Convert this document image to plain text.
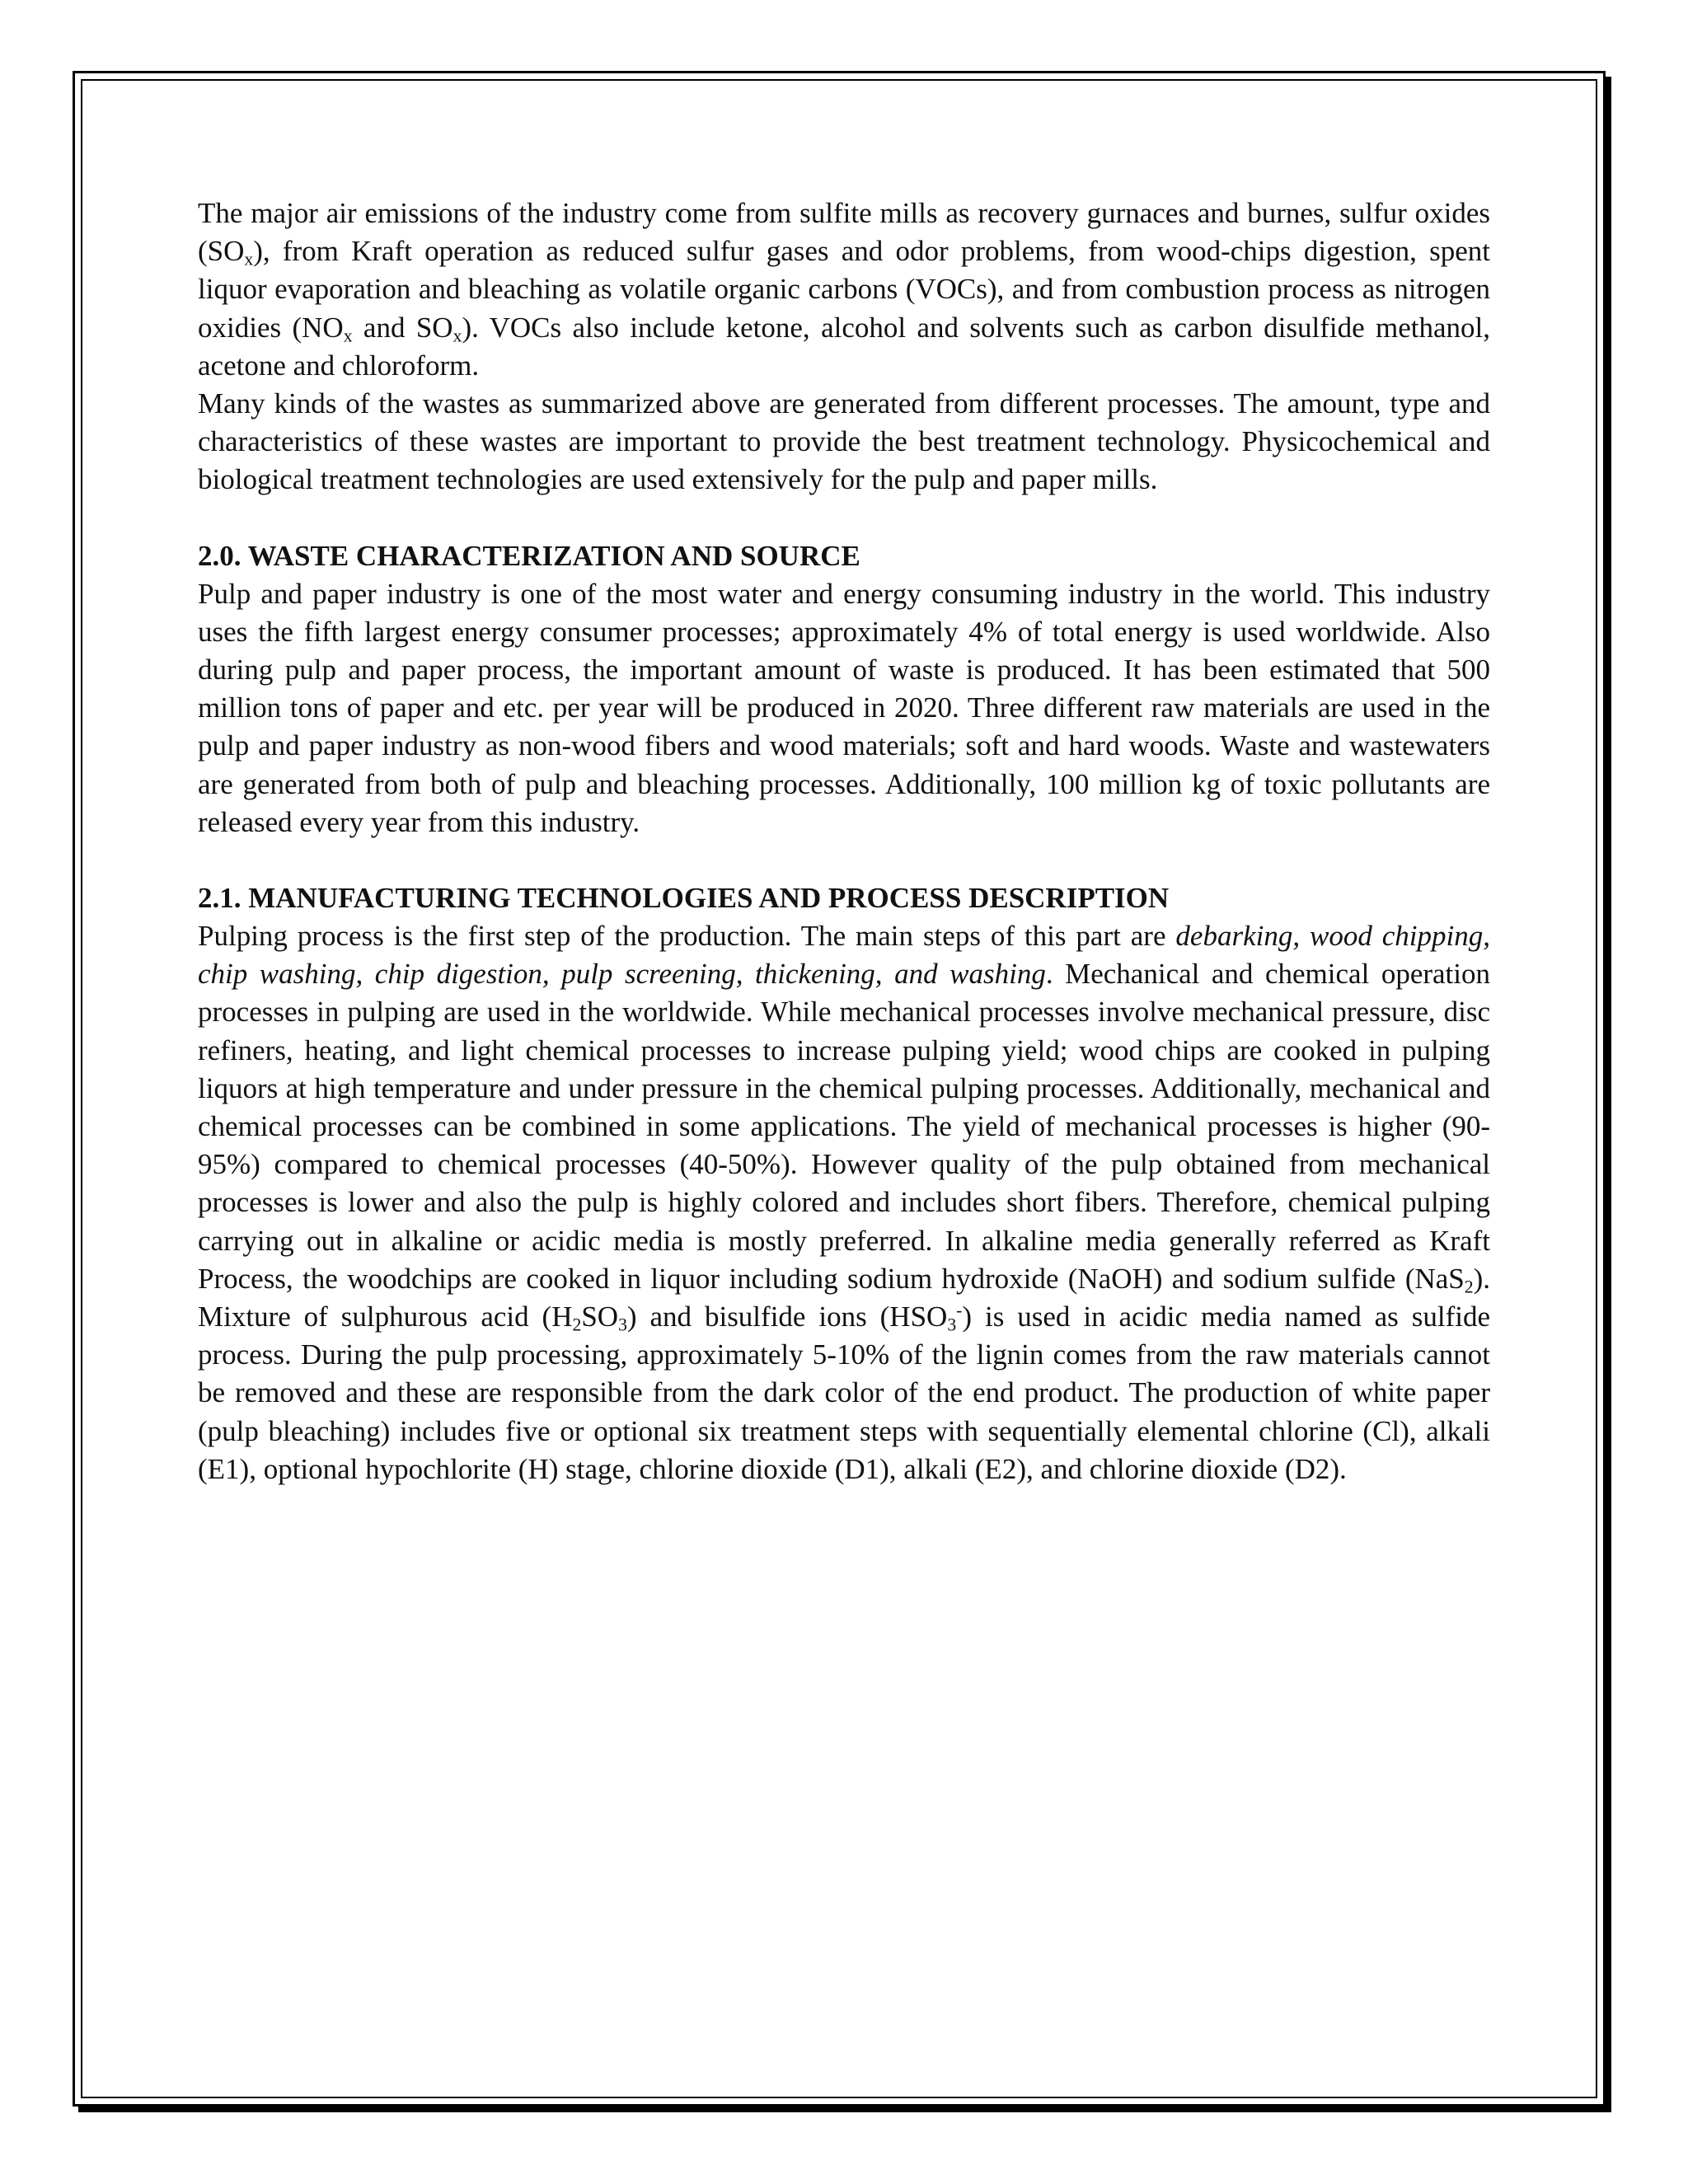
The major air emissions of the industry come from sulfite mills as recovery gurnaces and burnes, sulfur oxides $(SO_x)$, from Kraft operation as reduced sulfur gases and odor problems, from wood-chips digestion, spent liquor evaporation and bleaching as volatile organic carbons (VOCs), and from combustion process as nitrogen oxidies ($NO_x$ and $SO_x$). VOCs also include ketone, alcohol and solvents such as carbon disulfide methanol, acetone and chloroform.

Many kinds of the wastes as summarized above are generated from different processes. The amount, type and characteristics of these wastes are important to provide the best treatment technology. Physicochemical and biological treatment technologies are used extensively for the pulp and paper mills.

2.0. WASTE CHARACTERIZATION AND SOURCE

Pulp and paper industry is one of the most water and energy consuming industry in the world. This industry uses the fifth largest energy consumer processes; approximately 4% of total energy is used worldwide. Also during pulp and paper process, the important amount of waste is produced. It has been estimated that 500 million tons of paper and etc. per year will be produced in 2020. Three different raw materials are used in the pulp and paper industry as non-wood fibers and wood materials; soft and hard woods. Waste and wastewaters are generated from both of pulp and bleaching processes. Additionally, 100 million kg of toxic pollutants are released every year from this industry.

2.1. MANUFACTURING TECHNOLOGIES AND PROCESS DESCRIPTION

Pulping process is the first step of the production. The main steps of this part are debarking, wood chipping, chip washing, chip digestion, pulp screening, thickening, and washing. Mechanical and chemical operation processes in pulping are used in the worldwide. While mechanical processes involve mechanical pressure, disc refiners, heating, and light chemical processes to increase pulping yield; wood chips are cooked in pulping liquors at high temperature and under pressure in the chemical pulping processes. Additionally, mechanical and chemical processes can be combined in some applications. The yield of mechanical processes is higher (90-95%) compared to chemical processes (40-50%). However quality of the pulp obtained from mechanical processes is lower and also the pulp is highly colored and includes short fibers. Therefore, chemical pulping carrying out in alkaline or acidic media is mostly preferred. In alkaline media generally referred as Kraft Process, the woodchips are cooked in liquor including sodium hydroxide (NaOH) and sodium sulfide (NaS$_2$). Mixture of sulphurous acid $(H_2SO_3)$ and bisulfide ions $(HSO_3^-)$ is used in acidic media named as sulfide process. During the pulp processing, approximately 5-10% of the lignin comes from the raw materials cannot be removed and these are responsible from the dark color of the end product. The production of white paper (pulp bleaching) includes five or optional six treatment steps with sequentially elemental chlorine (Cl), alkali (E1), optional hypochlorite (H) stage, chlorine dioxide (D1), alkali (E2), and chlorine dioxide (D2).
